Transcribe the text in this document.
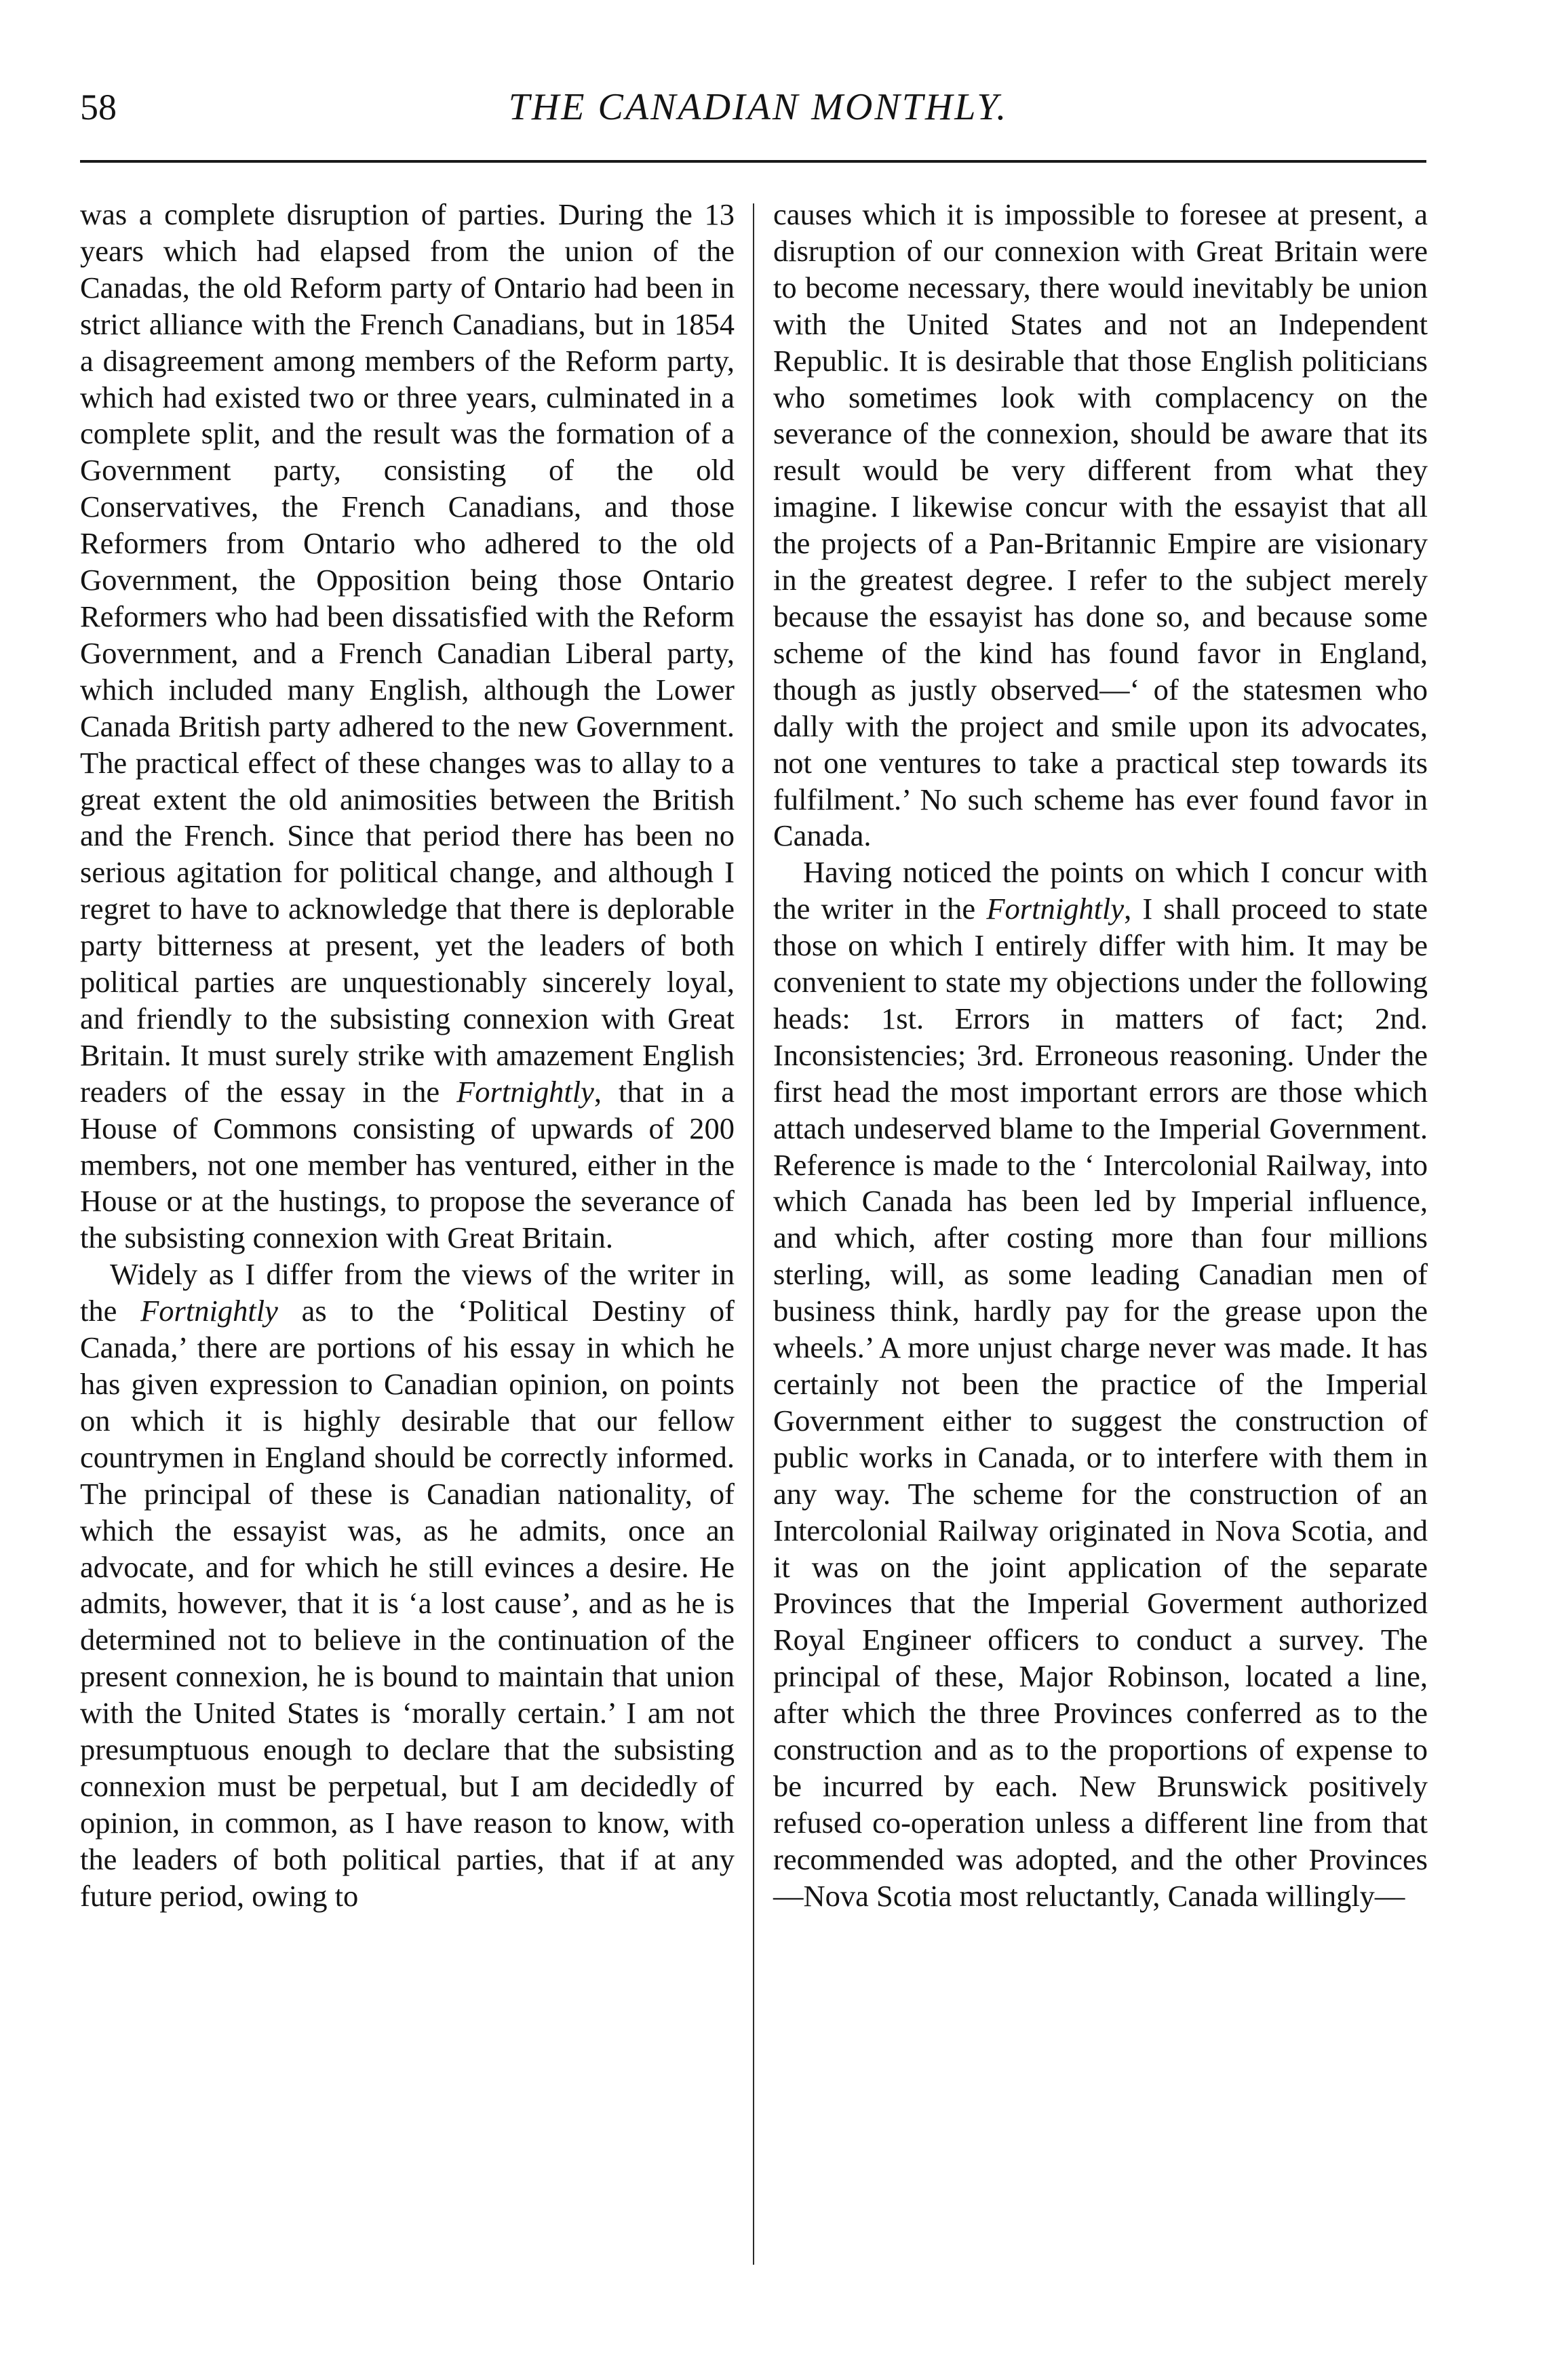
58	THE CANADIAN MONTHLY.

was a complete disruption of parties. During the 13 years which had elapsed from the union of the Canadas, the old Reform party of Ontario had been in strict alliance with the French Canadians, but in 1854 a disagreement among members of the Reform party, which had existed two or three years, culminated in a complete split, and the result was the formation of a Government party, consisting of the old Conservatives, the French Canadians, and those Reformers from Ontario who adhered to the old Government, the Opposition being those Ontario Reformers who had been dissatisfied with the Reform Government, and a French Canadian Liberal party, which included many English, although the Lower Canada British party adhered to the new Government. The practical effect of these changes was to allay to a great extent the old animosities between the British and the French. Since that period there has been no serious agitation for political change, and although I regret to have to acknowledge that there is deplorable party bitterness at present, yet the leaders of both political parties are unquestionably sincerely loyal, and friendly to the subsisting connexion with Great Britain. It must surely strike with amazement English readers of the essay in the Fortnightly, that in a House of Commons consisting of upwards of 200 members, not one member has ventured, either in the House or at the hustings, to propose the severance of the subsisting connexion with Great Britain.

Widely as I differ from the views of the writer in the Fortnightly as to the ‘Political Destiny of Canada,’ there are portions of his essay in which he has given expression to Canadian opinion, on points on which it is highly desirable that our fellow countrymen in England should be correctly informed. The principal of these is Canadian nationality, of which the essayist was, as he admits, once an advocate, and for which he still evinces a desire. He admits, however, that it is ‘a lost cause’, and as he is determined not to believe in the continuation of the present connexion, he is bound to maintain that union with the United States is ‘morally certain.’ I am not presumptuous enough to declare that the subsisting connexion must be perpetual, but I am decidedly of opinion, in common, as I have reason to know, with the leaders of both political parties, that if at any future period, owing to

causes which it is impossible to foresee at present, a disruption of our connexion with Great Britain were to become necessary, there would inevitably be union with the United States and not an Independent Republic. It is desirable that those English politicians who sometimes look with complacency on the severance of the connexion, should be aware that its result would be very different from what they imagine. I likewise concur with the essayist that all the projects of a Pan-Britannic Empire are visionary in the greatest degree. I refer to the subject merely because the essayist has done so, and because some scheme of the kind has found favor in England, though as justly observed—‘ of the statesmen who dally with the project and smile upon its advocates, not one ventures to take a practical step towards its fulfilment.’ No such scheme has ever found favor in Canada.

Having noticed the points on which I concur with the writer in the Fortnightly, I shall proceed to state those on which I entirely differ with him. It may be convenient to state my objections under the following heads: 1st. Errors in matters of fact; 2nd. Inconsistencies; 3rd. Erroneous reasoning. Under the first head the most important errors are those which attach undeserved blame to the Imperial Government. Reference is made to the ‘ Intercolonial Railway, into which Canada has been led by Imperial influence, and which, after costing more than four millions sterling, will, as some leading Canadian men of business think, hardly pay for the grease upon the wheels.’ A more unjust charge never was made. It has certainly not been the practice of the Imperial Government either to suggest the construction of public works in Canada, or to interfere with them in any way. The scheme for the construction of an Intercolonial Railway originated in Nova Scotia, and it was on the joint application of the separate Provinces that the Imperial Goverment authorized Royal Engineer officers to conduct a survey. The principal of these, Major Robinson, located a line, after which the three Provinces conferred as to the construction and as to the proportions of expense to be incurred by each. New Brunswick positively refused co-operation unless a different line from that recommended was adopted, and the other Provinces—Nova Scotia most reluctantly, Canada willingly—
